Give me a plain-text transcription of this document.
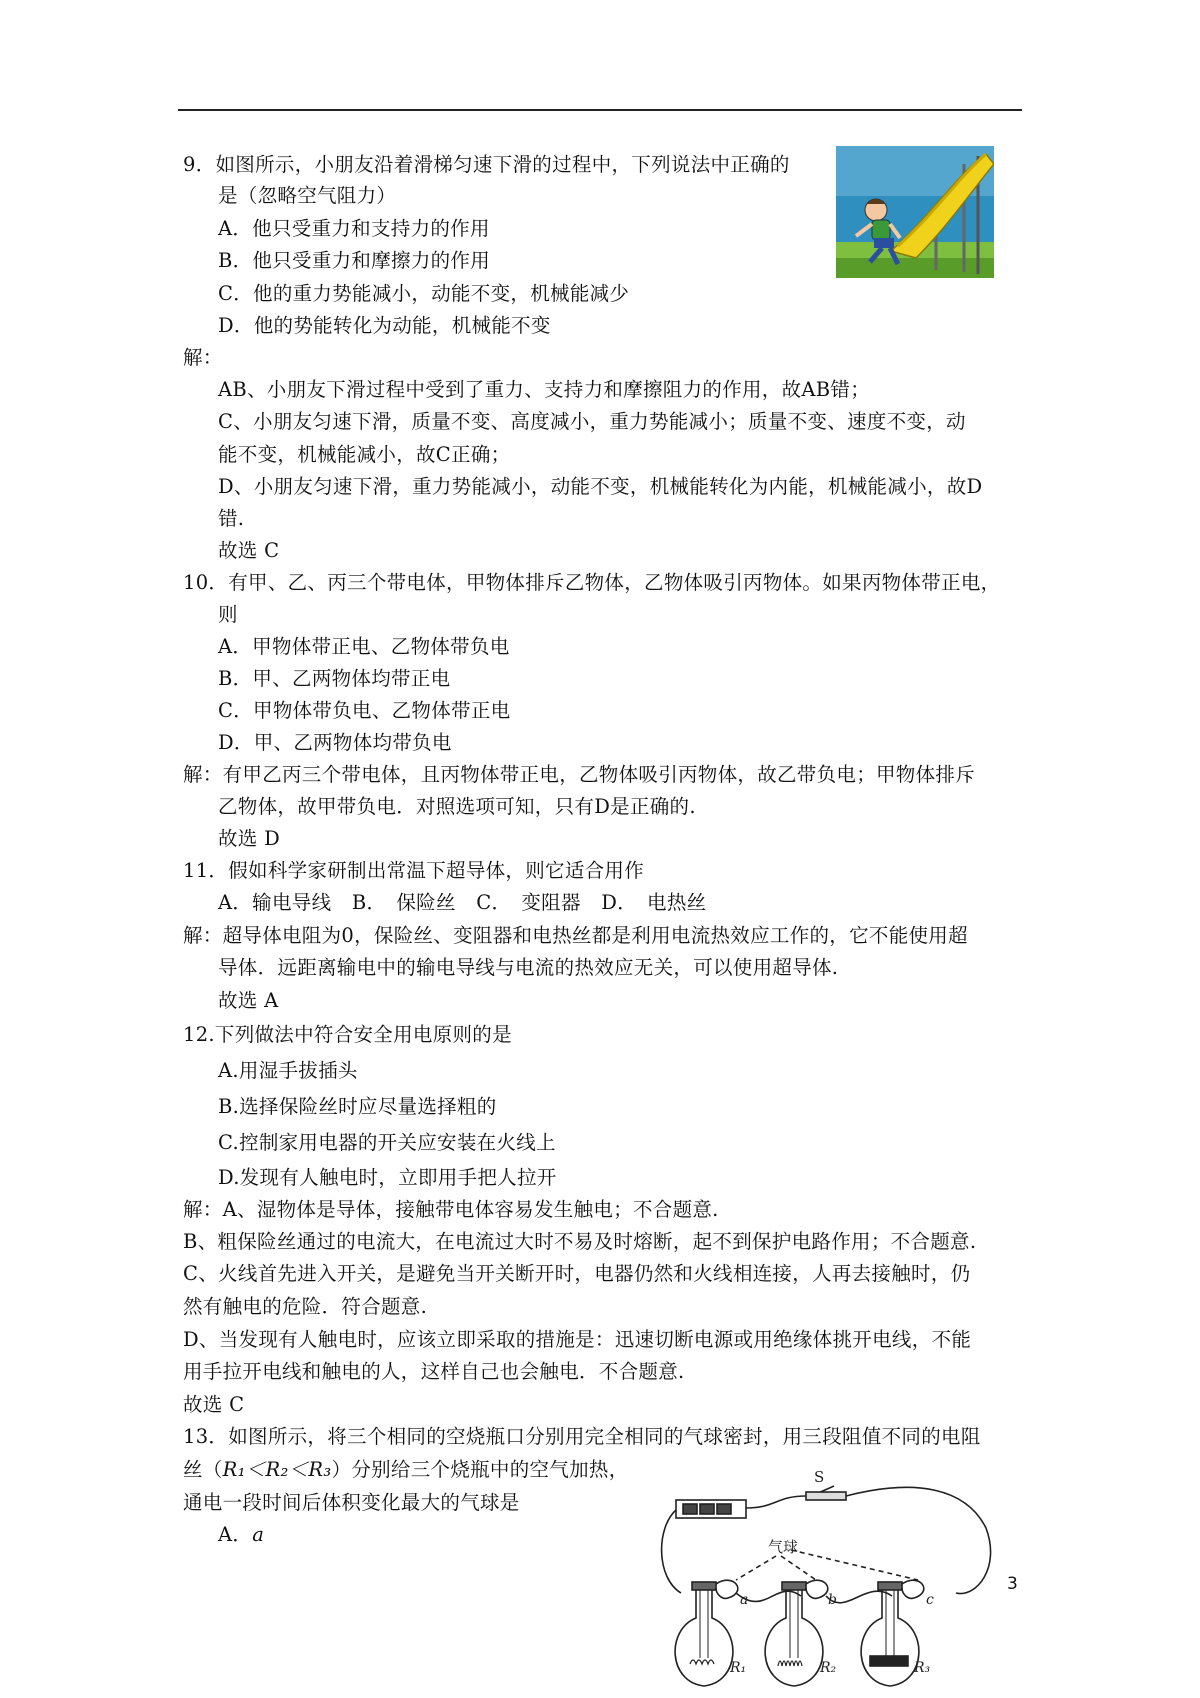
9．如图所示，小朋友沿着滑梯匀速下滑的过程中，下列说法中正确的
是（忽略空气阻力）
A．他只受重力和支持力的作用
B．他只受重力和摩擦力的作用
C．他的重力势能减小，动能不变，机械能减少
D．他的势能转化为动能，机械能不变
解：
AB、小朋友下滑过程中受到了重力、支持力和摩擦阻力的作用，故AB错；
C、小朋友匀速下滑，质量不变、高度减小，重力势能减小；质量不变、速度不变，动
能不变，机械能减小，故C正确；
D、小朋友匀速下滑，重力势能减小，动能不变，机械能转化为内能，机械能减小，故D
错.
故选 C
10．有甲、乙、丙三个带电体，甲物体排斥乙物体，乙物体吸引丙物体。如果丙物体带正电，
则
A．甲物体带正电、乙物体带负电
B．甲、乙两物体均带正电
C．甲物体带负电、乙物体带正电
D．甲、乙两物体均带负电
解：有甲乙丙三个带电体，且丙物体带正电，乙物体吸引丙物体，故乙带负电；甲物体排斥
乙物体，故甲带负电．对照选项可知，只有D是正确的.
故选 D
11．假如科学家研制出常温下超导体，则它适合用作
A．输电导线 B．　保险丝 C．　变阻器 D．　电热丝
解：超导体电阻为0，保险丝、变阻器和电热丝都是利用电流热效应工作的，它不能使用超
导体．远距离输电中的输电导线与电流的热效应无关，可以使用超导体.
故选 A
12.下列做法中符合安全用电原则的是
A.用湿手拔插头
B.选择保险丝时应尽量选择粗的
C.控制家用电器的开关应安装在火线上
D.发现有人触电时，立即用手把人拉开
解：A、湿物体是导体，接触带电体容易发生触电；不合题意.
B、粗保险丝通过的电流大，在电流过大时不易及时熔断，起不到保护电路作用；不合题意.
C、火线首先进入开关，是避免当开关断开时，电器仍然和火线相连接，人再去接触时，仍
然有触电的危险．符合题意.
D、当发现有人触电时，应该立即采取的措施是：迅速切断电源或用绝缘体挑开电线，不能
用手拉开电线和触电的人，这样自己也会触电．不合题意.
故选 C
13．如图所示，将三个相同的空烧瓶口分别用完全相同的气球密封，用三段阻值不同的电阻
丝（R₁＜R₂＜R₃）分别给三个烧瓶中的空气加热，
通电一段时间后体积变化最大的气球是
A．a
S
气球
a	b	c
R₁	R₂	R₃
3
